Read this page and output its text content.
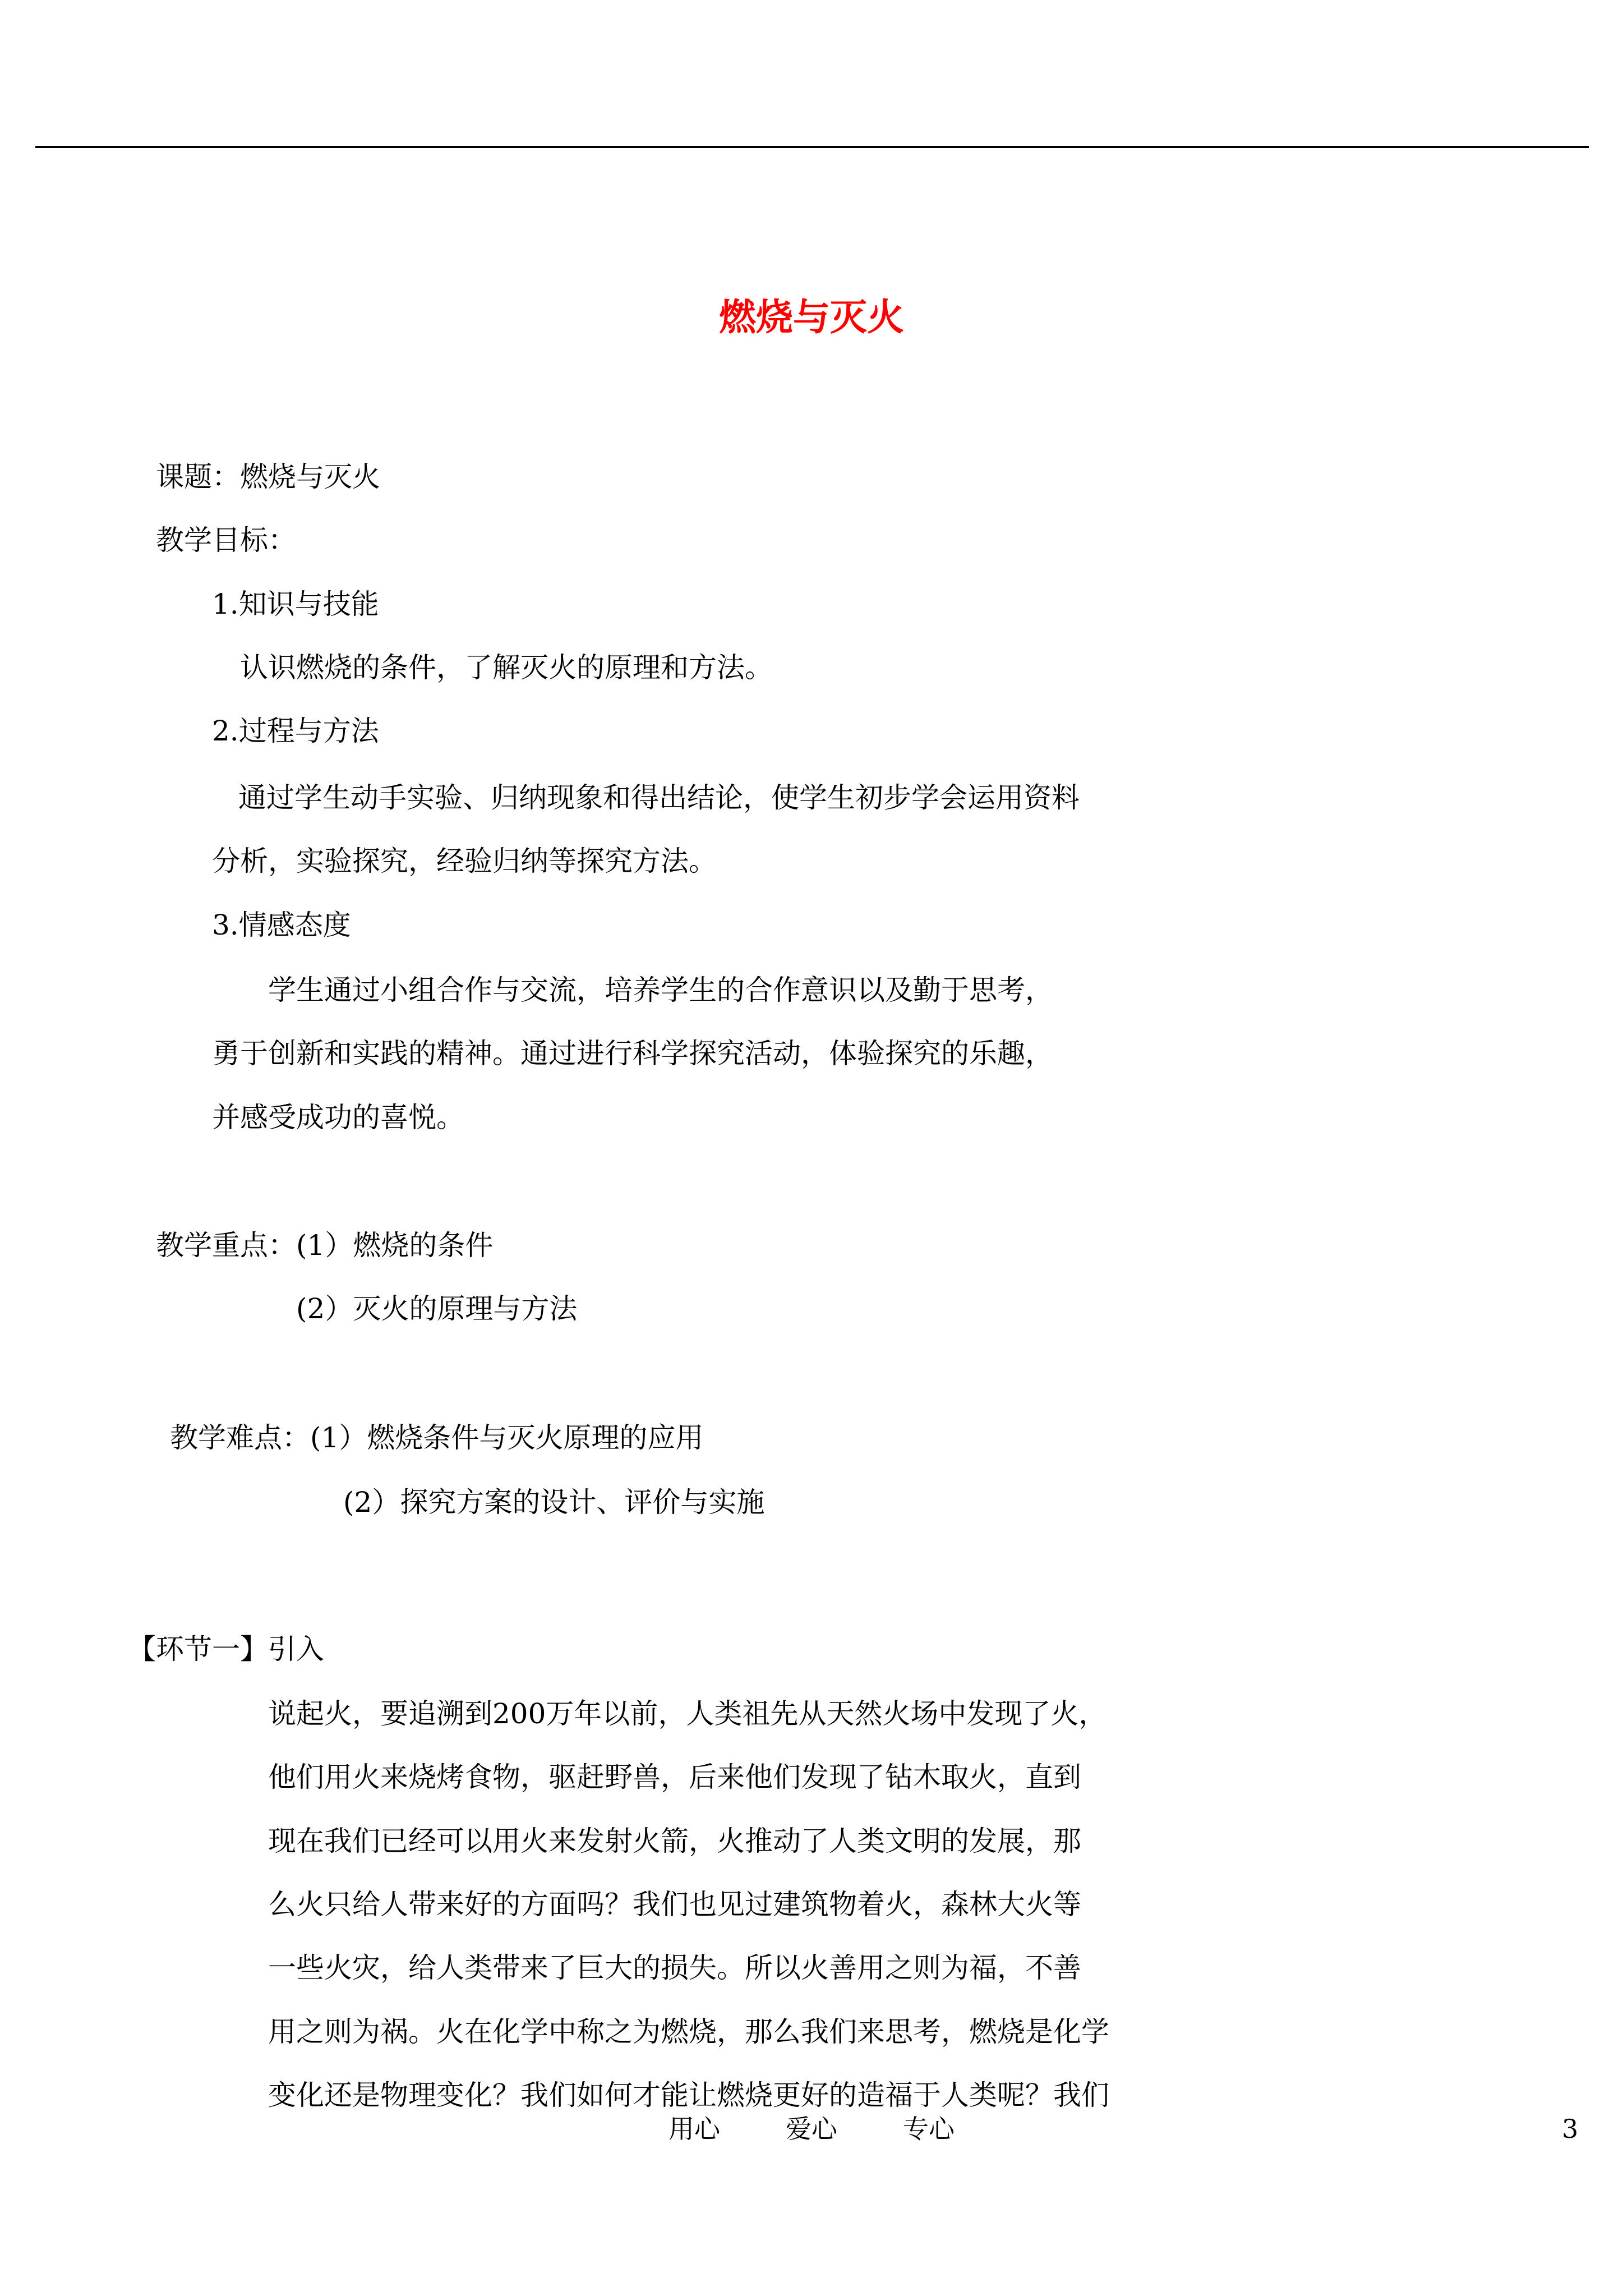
燃烧与灭火
课题：燃烧与灭火
教学目标：
1.知识与技能
认识燃烧的条件，了解灭火的原理和方法。
2.过程与方法
通过学生动手实验、归纳现象和得出结论，使学生初步学会运用资料
分析，实验探究，经验归纳等探究方法。
3.情感态度
学生通过小组合作与交流，培养学生的合作意识以及勤于思考，
勇于创新和实践的精神。通过进行科学探究活动，体验探究的乐趣，
并感受成功的喜悦。
教学重点：(1）燃烧的条件
(2）灭火的原理与方法
教学难点：(1）燃烧条件与灭火原理的应用
(2）探究方案的设计、评价与实施
【环节一】引入
说起火，要追溯到200万年以前，人类祖先从天然火场中发现了火，
他们用火来烧烤食物，驱赶野兽，后来他们发现了钻木取火，直到
现在我们已经可以用火来发射火箭，火推动了人类文明的发展，那
么火只给人带来好的方面吗？我们也见过建筑物着火，森林大火等
一些火灾，给人类带来了巨大的损失。所以火善用之则为福，不善
用之则为祸。火在化学中称之为燃烧，那么我们来思考，燃烧是化学
变化还是物理变化？我们如何才能让燃烧更好的造福于人类呢？我们
用心        爱心        专心	3
